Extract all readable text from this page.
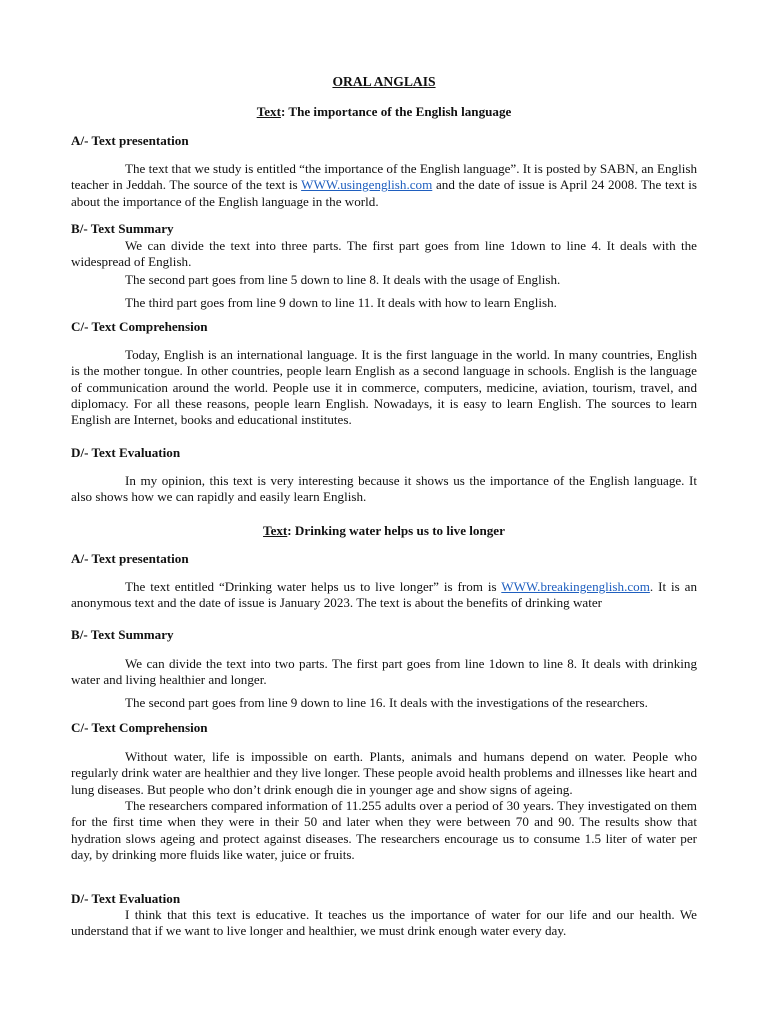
ORAL ANGLAIS

Text: The importance of the English language

A/- Text presentation

The text that we study is entitled “the importance of the English language”. It is posted by SABN, an English teacher in Jeddah. The source of the text is WWW.usingenglish.com and the date of issue is April 24 2008. The text is about the importance of the English language in the world.

B/- Text Summary

We can divide the text into three parts. The first part goes from line 1down to line 4. It deals with the widespread of English.

The second part goes from line 5 down to line 8. It deals with the usage of English.

The third part goes from line 9 down to line 11. It deals with how to learn English.

C/- Text Comprehension

Today, English is an international language. It is the first language in the world. In many countries, English is the mother tongue. In other countries, people learn English as a second language in schools. English is the language of communication around the world. People use it in commerce, computers, medicine, aviation, tourism, travel, and diplomacy. For all these reasons, people learn English. Nowadays, it is easy to learn English. The sources to learn English are Internet, books and educational institutes.

D/- Text Evaluation

In my opinion, this text is very interesting because it shows us the importance of the English language. It also shows how we can rapidly and easily learn English.

Text: Drinking water helps us to live longer

A/- Text presentation

The text entitled “Drinking water helps us to live longer” is from is WWW.breakingenglish.com. It is an anonymous text and the date of issue is January 2023. The text is about the benefits of drinking water

B/- Text Summary

We can divide the text into two parts. The first part goes from line 1down to line 8. It deals with drinking water and living healthier and longer.

The second part goes from line 9 down to line 16. It deals with the investigations of the researchers.

C/- Text Comprehension

Without water, life is impossible on earth. Plants, animals and humans depend on water. People who regularly drink water are healthier and they live longer. These people avoid health problems and illnesses like heart and lung diseases. But people who don’t drink enough die in younger age and show signs of ageing.

The researchers compared information of 11.255 adults over a period of 30 years. They investigated on them for the first time when they were in their 50 and later when they were between 70 and 90. The results show that hydration slows ageing and protect against diseases. The researchers encourage us to consume 1.5 liter of water per day, by drinking more fluids like water, juice or fruits.

D/- Text Evaluation

I think that this text is educative. It teaches us the importance of water for our life and our health. We understand that if we want to live longer and healthier, we must drink enough water every day.
